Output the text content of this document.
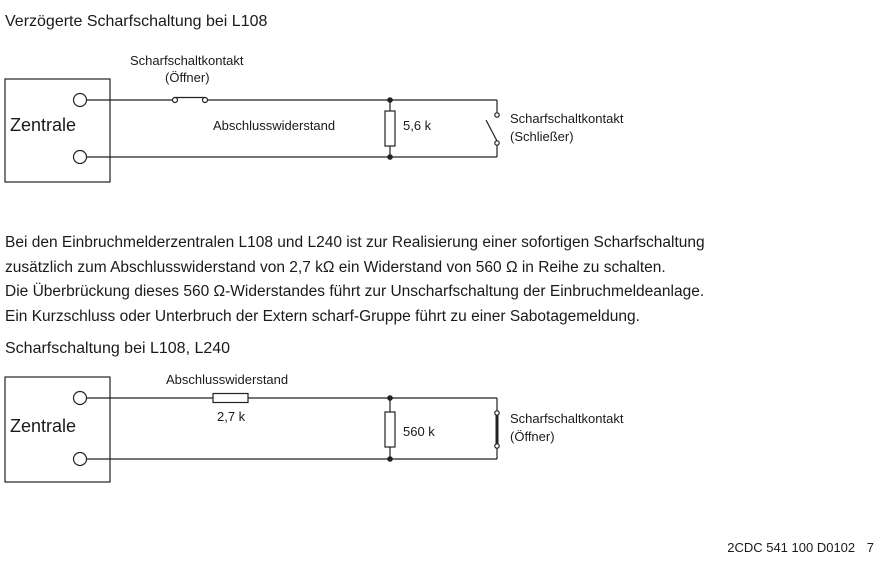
Verzögerte Scharfschaltung bei L108
Scharfschaltkontakt
(Öffner)
Zentrale	Abschlusswiderstand	5,6 k	Scharfschaltkontakt
(Schließer)
Bei den Einbruchmelderzentralen L108 und L240 ist zur Realisierung einer sofortigen Scharfschaltung
zusätzlich zum Abschlusswiderstand von 2,7 kΩ ein Widerstand von 560 Ω in Reihe zu schalten.
Die Überbrückung dieses 560 Ω-Widerstandes führt zur Unscharfschaltung der Einbruchmeldeanlage.
Ein Kurzschluss oder Unterbruch der Extern scharf-Gruppe führt zu einer Sabotagemeldung.
Scharfschaltung bei L108, L240
Abschlusswiderstand
2,7 k
Zentrale	560 k
Scharfschaltkontakt
(Öffner)
2CDC 541 100 D0102 7
